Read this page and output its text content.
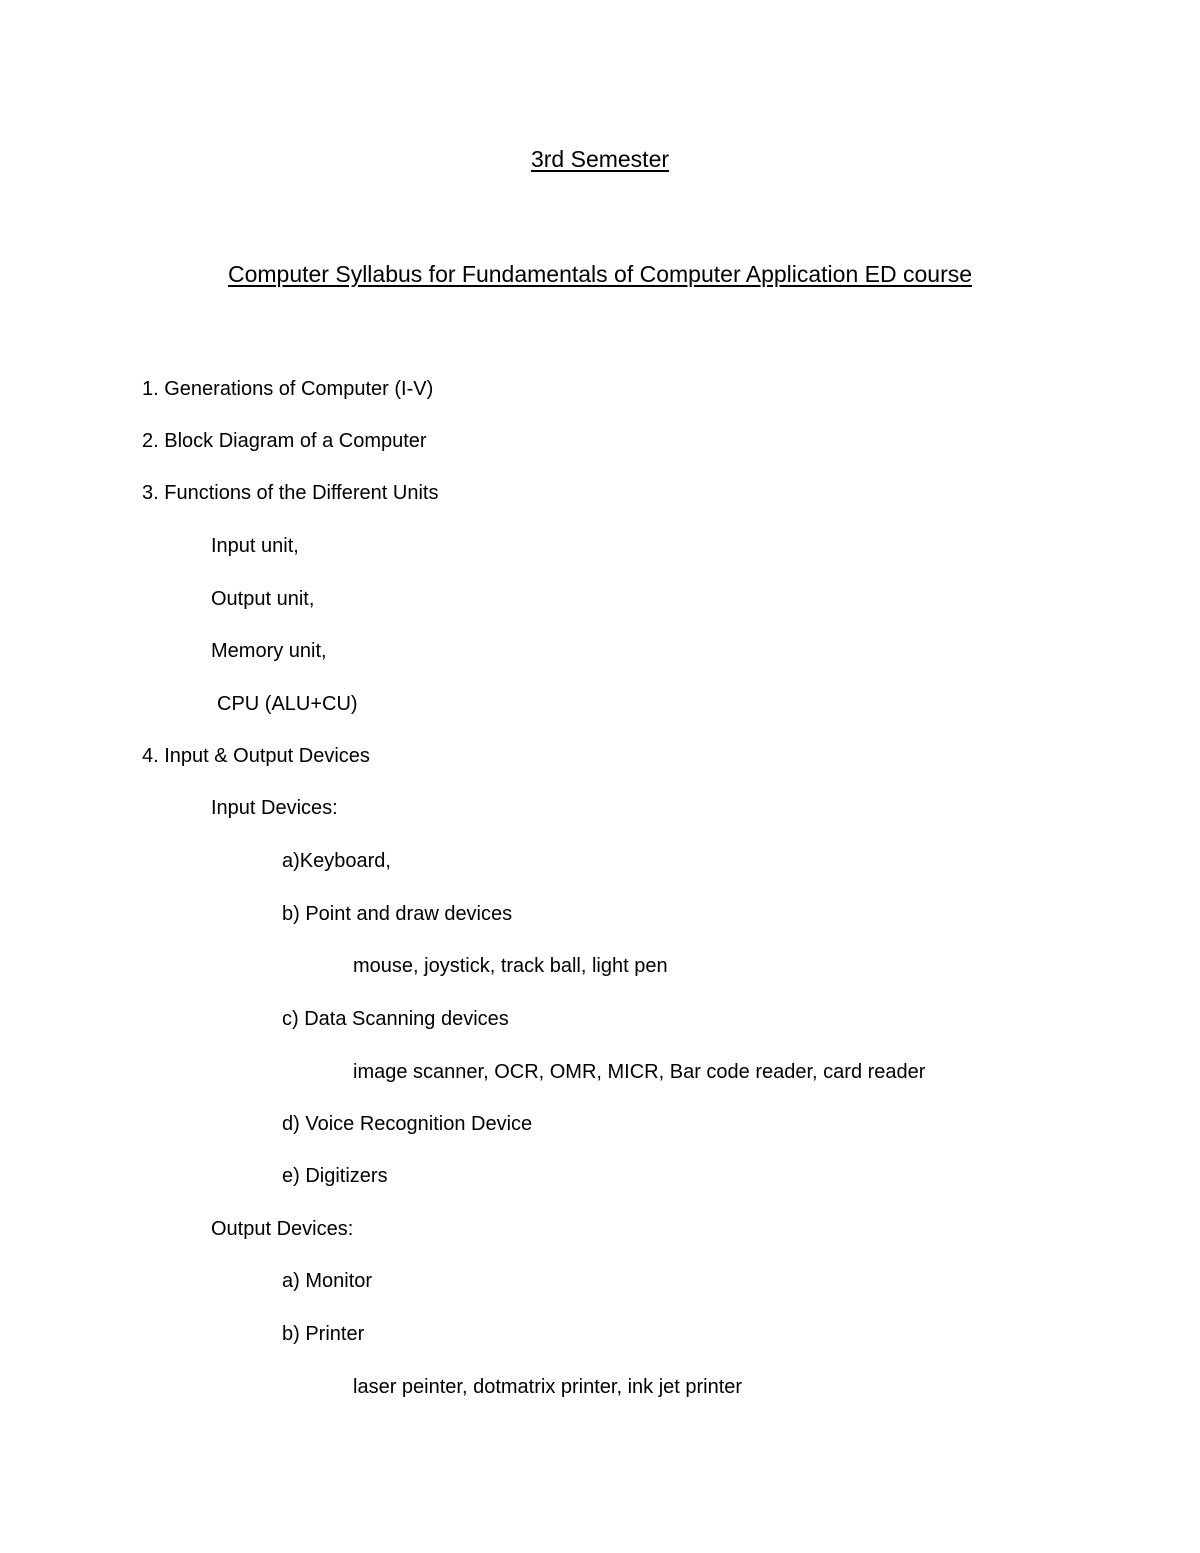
3rd Semester
Computer Syllabus for Fundamentals of Computer Application ED course
1. Generations of Computer (I-V)
2. Block Diagram of a Computer
3. Functions of the Different Units
Input unit,
Output unit,
Memory unit,
CPU (ALU+CU)
4. Input & Output Devices
Input Devices:
a)Keyboard,
b) Point and draw devices
mouse, joystick, track ball, light pen
c) Data Scanning devices
image scanner, OCR, OMR, MICR, Bar code reader, card reader
d) Voice Recognition Device
e) Digitizers
Output Devices:
a) Monitor
b) Printer
laser peinter, dotmatrix printer, ink jet printer
